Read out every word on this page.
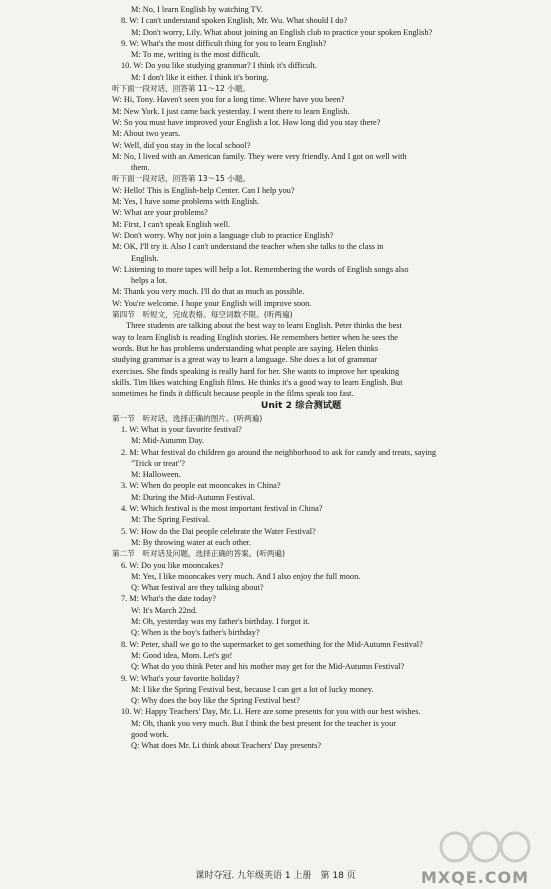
M: No, I learn English by watching TV.
8. W: I can't understand spoken English, Mr. Wu. What should I do?
M: Don't worry, Lily. What about joining an English club to practice your spoken English?
9. W: What's the most difficult thing for you to learn English?
M: To me, writing is the most difficult.
10. W: Do you like studying grammar? I think it's difficult.
M: I don't like it either. I think it's boring.
听下面一段对话，回答第 11～12 小题。
W: Hi, Tony. Haven't seen you for a long time. Where have you been?
M: New York. I just came back yesterday. I went there to learn English.
W: So you must have improved your English a lot. How long did you stay there?
M: About two years.
W: Well, did you stay in the local school?
M: No, I lived with an American family. They were very friendly. And I got on well with
them.
听下面一段对话，回答第 13～15 小题。
W: Hello! This is English-help Center. Can I help you?
M: Yes, I have some problems with English.
W: What are your problems?
M: First, I can't speak English well.
W: Don't worry. Why not join a language club to practice English?
M: OK, I'll try it. Also I can't understand the teacher when she talks to the class in
English.
W: Listening to more tapes will help a lot. Remembering the words of English songs also
helps a lot.
M: Thank you very much. I'll do that as much as possible.
W: You're welcome. I hope your English will improve soon.
第四节　听短文，完成表格。每空词数不限。(听两遍)
Three students are talking about the best way to learn English. Peter thinks the best
way to learn English is reading English stories. He remembers better when he sees the
words. But he has problems understanding what people are saying. Helen thinks
studying grammar is a great way to learn a language. She does a lot of grammar
exercises. She finds speaking is really hard for her. She wants to improve her speaking
skills. Tim likes watching English films. He thinks it's a good way to learn English. But
sometimes he finds it difficult because people in the films speak too fast.
Unit 2 综合测试题
第一节　听对话，选择正确的图片。(听两遍)
1. W: What is your favorite festival?
M: Mid-Autumn Day.
2. M: What festival do children go around the neighborhood to ask for candy and treats, saying
"Trick or treat"?
M: Halloween.
3. W: When do people eat mooncakes in China?
M: During the Mid-Autumn Festival.
4. W: Which festival is the most important festival in China?
M: The Spring Festival.
5. W: How do the Dai people celebrate the Water Festival?
M: By throwing water at each other.
第二节　听对话及问题，选择正确的答案。(听两遍)
6. W: Do you like mooncakes?
M: Yes, I like mooncakes very much. And I also enjoy the full moon.
Q: What festival are they talking about?
7. M: What's the date today?
W: It's March 22nd.
M: Oh, yesterday was my father's birthday. I forgot it.
Q: When is the boy's father's birthday?
8. W: Peter, shall we go to the supermarket to get something for the Mid-Autumn Festival?
M: Good idea, Mom. Let's go!
Q: What do you think Peter and his mother may get for the Mid-Autumn Festival?
9. W: What's your favorite holiday?
M: I like the Spring Festival best, because I can get a lot of lucky money.
Q: Why does the boy like the Spring Festival best?
10. W: Happy Teachers' Day, Mr. Li. Here are some presents for you with our best wishes.
M: Oh, thank you very much. But I think the best present for the teacher is your
good work.
Q: What does Mr. Li think about Teachers' Day presents?
课时夺冠. 九年级英语 1 上册　第 18 页	MXQE.COM
